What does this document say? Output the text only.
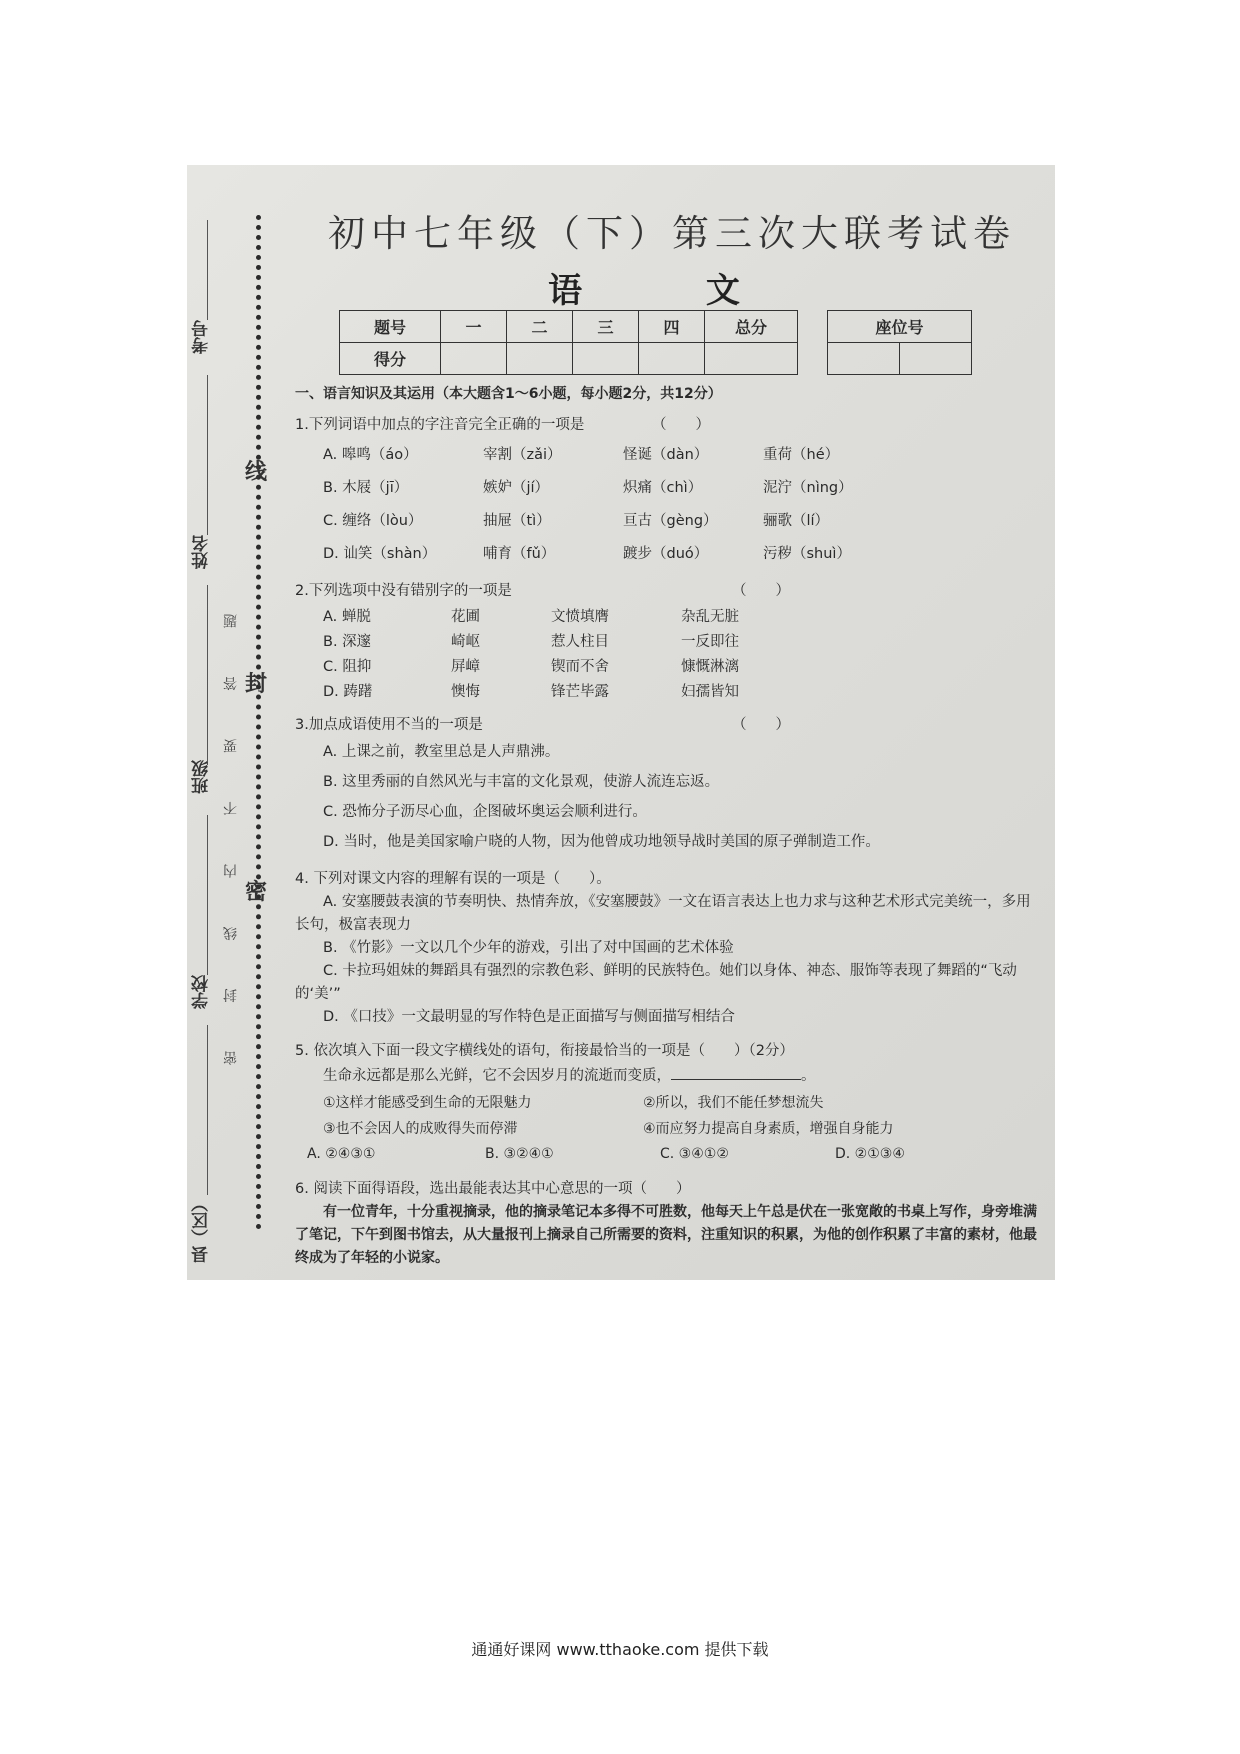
县（区）
学校
班级
姓名
考号
密 封 线 内 不 要 答 题 密
封
线
初中七年级（下）第三次大联考试卷
语 文
题号	一	二	三	四	总分
得分					
座位号

一、语言知识及其运用（本大题含1～6小题，每小题2分，共12分）
1.下列词语中加点的字注音完全正确的一项是	（　　）
A. 嗥鸣（áo）	宰割（zǎi）	怪诞（dàn）	重荷（hé）
B. 木屐（jī）	嫉妒（jí）	炽痛（chì）	泥泞（nìng）
C. 缠络（lòu）	抽屉（tì）	亘古（gèng）	骊歌（lí）
D. 讪笑（shàn）	哺育（fǔ）	踱步（duó）	污秽（shuì）
2.下列选项中没有错别字的一项是	（　　）
A. 蝉脱	花圃	文愤填膺	杂乱无脏
B. 深邃	崎岖	惹人柱目	一反即往
C. 阻抑	屏嶂	锲而不舍	慷慨淋漓
D. 踌躇	懊悔	锋芒毕露	妇孺皆知
3.加点成语使用不当的一项是	（　　）
A. 上课之前，教室里总是人声鼎沸。
B. 这里秀丽的自然风光与丰富的文化景观，使游人流连忘返。
C. 恐怖分子沥尽心血，企图破坏奥运会顺利进行。
D. 当时，他是美国家喻户晓的人物，因为他曾成功地领导战时美国的原子弹制造工作。
4. 下列对课文内容的理解有误的一项是（　　）。
A. 安塞腰鼓表演的节奏明快、热情奔放，《安塞腰鼓》一文在语言表达上也力求与这种艺术形式完美统一，多用长句，极富表现力
B. 《竹影》一文以几个少年的游戏，引出了对中国画的艺术体验
C. 卡拉玛姐妹的舞蹈具有强烈的宗教色彩、鲜明的民族特色。她们以身体、神态、服饰等表现了舞蹈的“飞动的‘美’”
D. 《口技》一文最明显的写作特色是正面描写与侧面描写相结合
5. 依次填入下面一段文字横线处的语句，衔接最恰当的一项是（　　）（2分）
生命永远都是那么光鲜，它不会因岁月的流逝而变质，	。
①这样才能感受到生命的无限魅力	②所以，我们不能任梦想流失
③也不会因人的成败得失而停滞	④而应努力提高自身素质，增强自身能力
A. ②④③①	B. ③②④①	C. ③④①②	D. ②①③④
6. 阅读下面得语段，选出最能表达其中心意思的一项（　　）
有一位青年，十分重视摘录，他的摘录笔记本多得不可胜数，他每天上午总是伏在一张宽敞的书桌上写作，身旁堆满了笔记，下午到图书馆去，从大量报刊上摘录自己所需要的资料，注重知识的积累，为他的创作积累了丰富的素材，他最终成为了年轻的小说家。
通通好课网 www.tthaoke.com 提供下载
